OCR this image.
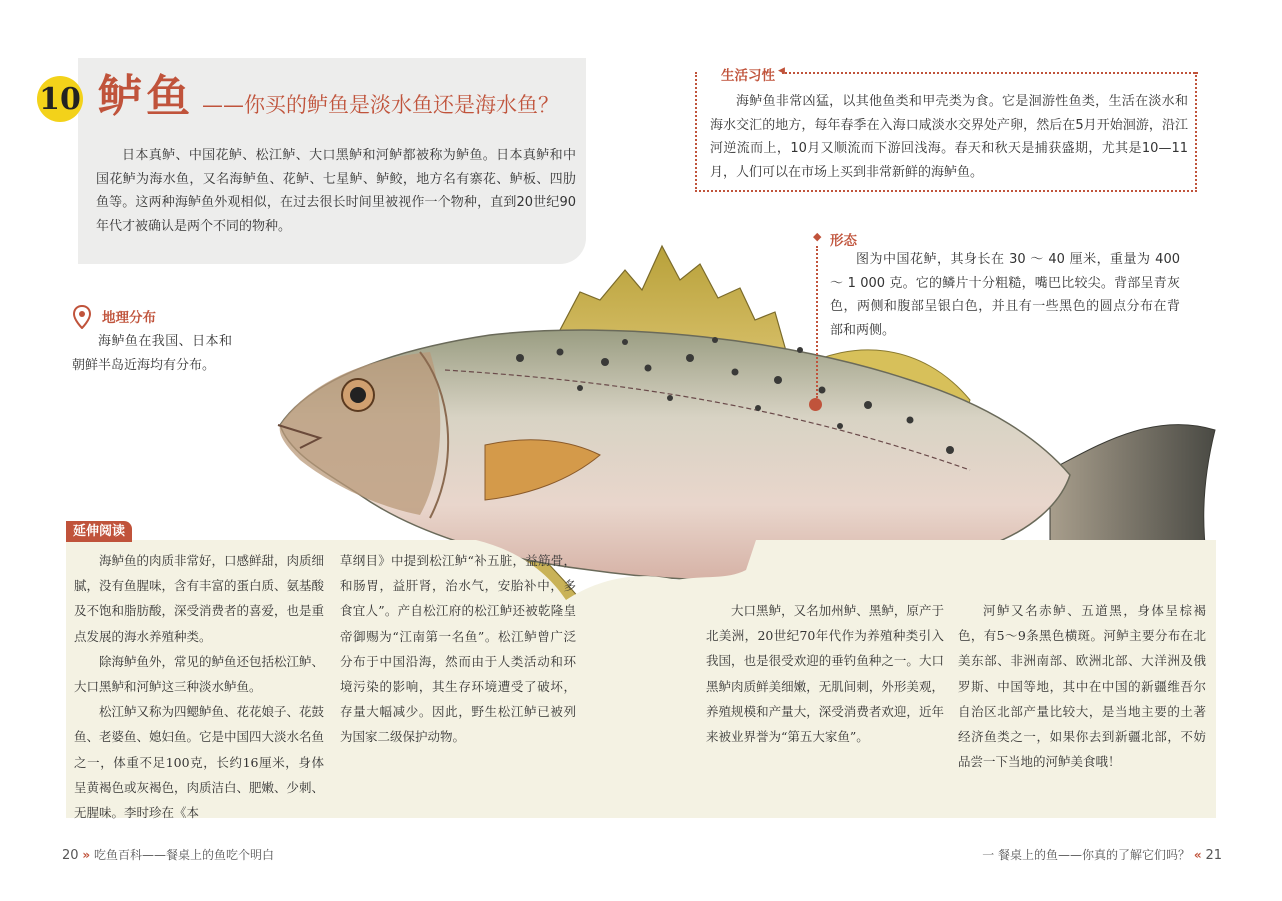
10 鲈鱼 ——你买的鲈鱼是淡水鱼还是海水鱼？
日本真鲈、中国花鲈、松江鲈、大口黑鲈和河鲈都被称为鲈鱼。日本真鲈和中国花鲈为海水鱼，又名海鲈鱼、花鲈、七星鲈、鲈鲛，地方名有寨花、鲈板、四肋鱼等。这两种海鲈鱼外观相似，在过去很长时间里被视作一个物种，直到20世纪90年代才被确认是两个不同的物种。
生活习性 ◀
海鲈鱼非常凶猛，以其他鱼类和甲壳类为食。它是洄游性鱼类，生活在淡水和海水交汇的地方，每年春季在入海口咸淡水交界处产卵，然后在5月开始洄游，沿江河逆流而上，10月又顺流而下游回浅海。春天和秋天是捕获盛期，尤其是10—11月，人们可以在市场上买到非常新鲜的海鲈鱼。
◆ 形态
图为中国花鲈，其身长在 30 ～ 40 厘米，重量为 400 ～ 1 000 克。它的鳞片十分粗糙，嘴巴比较尖。背部呈青灰色，两侧和腹部呈银白色，并且有一些黑色的圆点分布在背部和两侧。
地理分布
海鲈鱼在我国、日本和朝鲜半岛近海均有分布。
延伸阅读
海鲈鱼的肉质非常好，口感鲜甜，肉质细腻，没有鱼腥味，含有丰富的蛋白质、氨基酸及不饱和脂肪酸，深受消费者的喜爱，也是重点发展的海水养殖种类。
除海鲈鱼外，常见的鲈鱼还包括松江鲈、大口黑鲈和河鲈这三种淡水鲈鱼。
松江鲈又称为四鳃鲈鱼、花花娘子、花鼓鱼、老婆鱼、媳妇鱼。它是中国四大淡水名鱼之一，体重不足100克，长约16厘米，身体呈黄褐色或灰褐色，肉质洁白、肥嫩、少刺、无腥味。李时珍在《本
草纲目》中提到松江鲈“补五脏，益筋骨，和肠胃，益肝肾，治水气，安胎补中，多食宜人”。产自松江府的松江鲈还被乾隆皇帝御赐为“江南第一名鱼”。松江鲈曾广泛分布于中国沿海，然而由于人类活动和环境污染的影响，其生存环境遭受了破坏，存量大幅减少。因此，野生松江鲈已被列为国家二级保护动物。
大口黑鲈，又名加州鲈、黑鲈，原产于北美洲，20世纪70年代作为养殖种类引入我国，也是很受欢迎的垂钓鱼种之一。大口黑鲈肉质鲜美细嫩，无肌间刺，外形美观，养殖规模和产量大，深受消费者欢迎，近年来被业界誉为“第五大家鱼”。
河鲈又名赤鲈、五道黑，身体呈棕褐色，有5～9条黑色横斑。河鲈主要分布在北美东部、非洲南部、欧洲北部、大洋洲及俄罗斯、中国等地，其中在中国的新疆维吾尔自治区北部产量比较大，是当地主要的土著经济鱼类之一，如果你去到新疆北部，不妨品尝一下当地的河鲈美食哦！
20 » 吃鱼百科——餐桌上的鱼吃个明白	一 餐桌上的鱼——你真的了解它们吗？ « 21
